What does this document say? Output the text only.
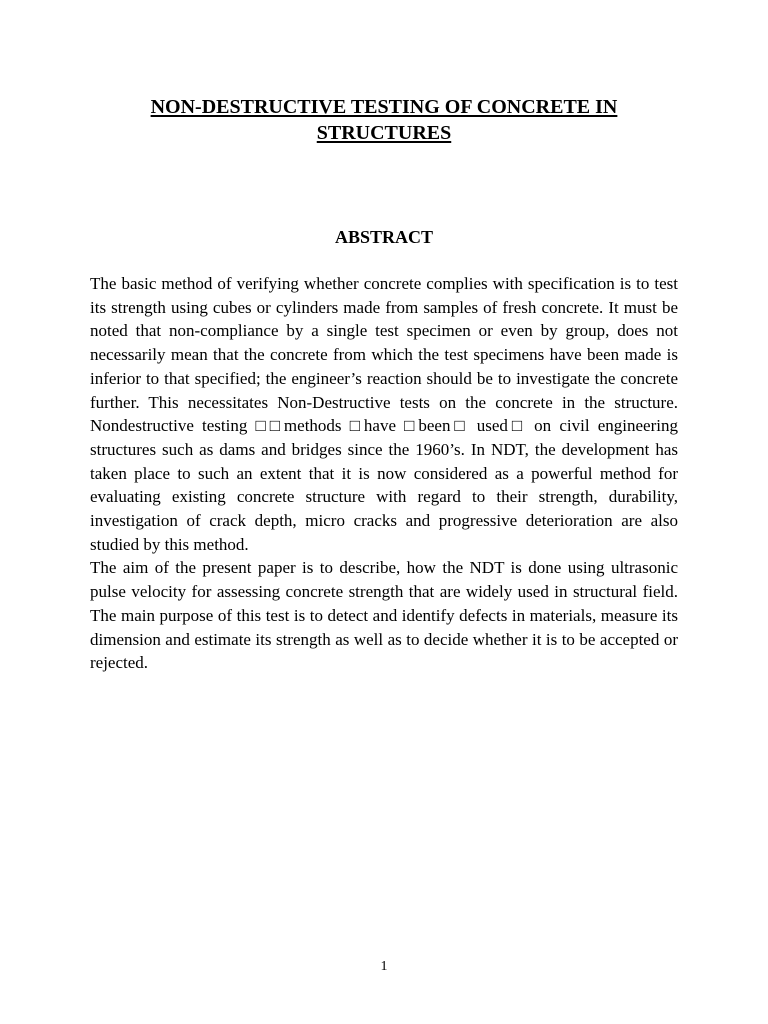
NON-DESTRUCTIVE TESTING OF CONCRETE IN
STRUCTURES
ABSTRACT

The basic method of verifying whether concrete complies with specification is to test its strength using cubes or cylinders made from samples of fresh concrete. It must be noted that non-compliance by a single test specimen or even by group, does not necessarily mean that the concrete from which the test specimens have been made is inferior to that specified; the engineer’s reaction should be to investigate the concrete further. This necessitates Non-Destructive tests on the concrete in the structure. Nondestructive testing □□methods □have □been□ used□ on civil engineering structures such as dams and bridges since the 1960’s. In NDT, the development has taken place to such an extent that it is now considered as a powerful method for evaluating existing concrete structure with regard to their strength, durability, investigation of crack depth, micro cracks and progressive deterioration are also studied by this method.

The aim of the present paper is to describe, how the NDT is done using ultrasonic pulse velocity for assessing concrete strength that are widely used in structural field. The main purpose of this test is to detect and identify defects in materials, measure its dimension and estimate its strength as well as to decide whether it is to be accepted or rejected.

1
